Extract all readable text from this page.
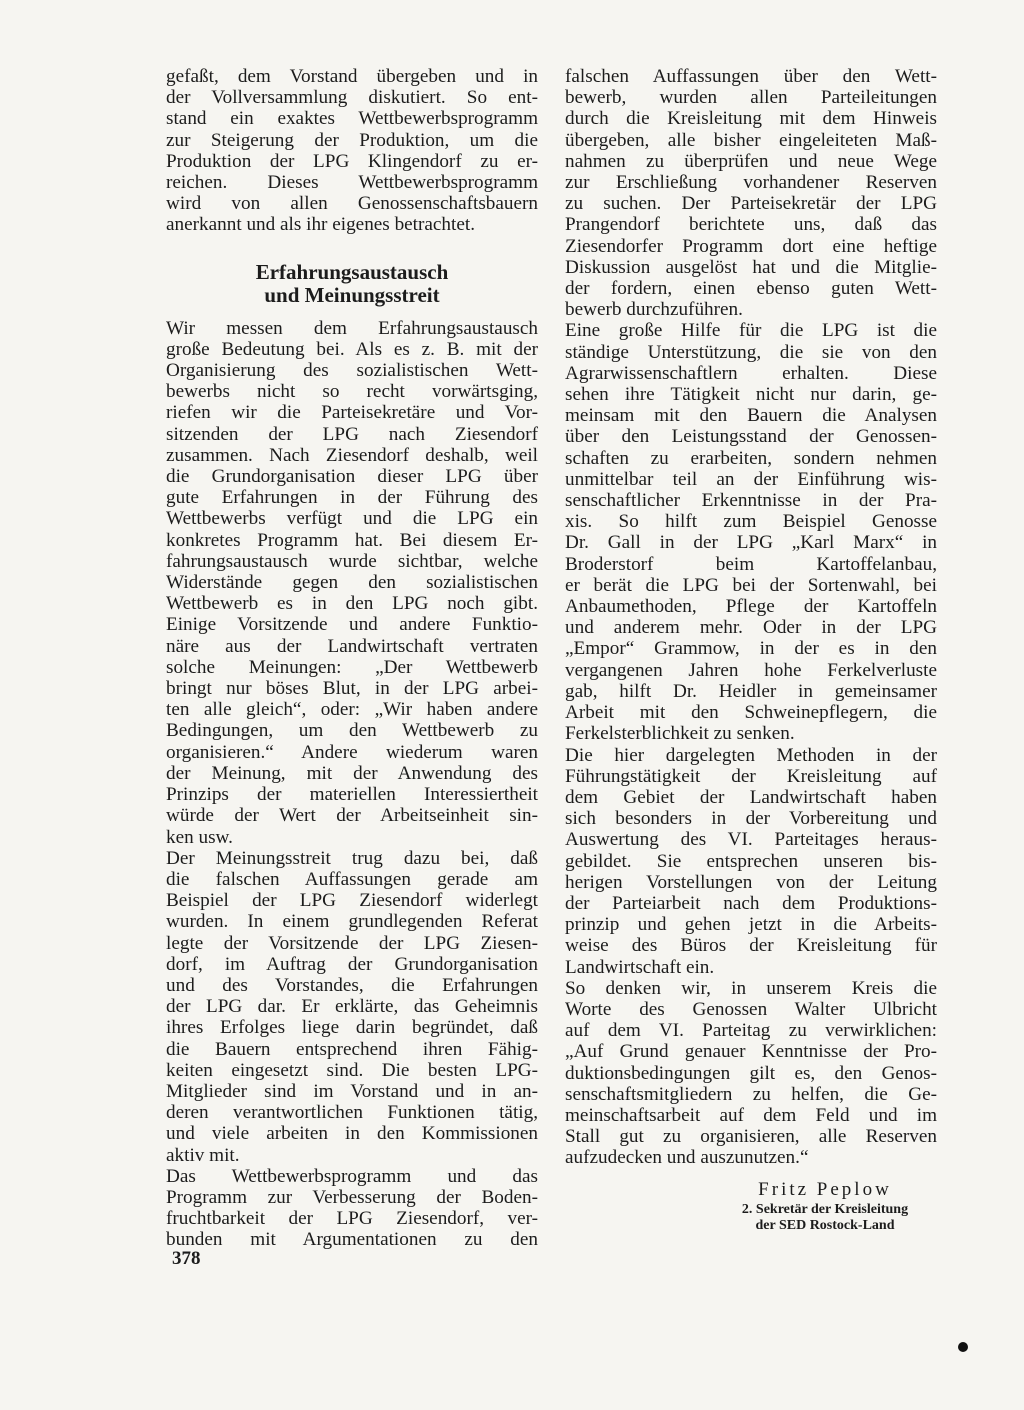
gefaßt, dem Vorstand übergeben und in
der Vollversammlung diskutiert. So ent-
stand ein exaktes Wettbewerbsprogramm
zur Steigerung der Produktion, um die
Produktion der LPG Klingendorf zu er-
reichen. Dieses Wettbewerbsprogramm
wird von allen Genossenschaftsbauern
anerkannt und als ihr eigenes betrachtet.

Erfahrungsaustausch
und Meinungsstreit

Wir messen dem Erfahrungsaustausch
große Bedeutung bei. Als es z. B. mit der
Organisierung des sozialistischen Wett-
bewerbs nicht so recht vorwärtsging,
riefen wir die Parteisekretäre und Vor-
sitzenden der LPG nach Ziesendorf
zusammen. Nach Ziesendorf deshalb, weil
die Grundorganisation dieser LPG über
gute Erfahrungen in der Führung des
Wettbewerbs verfügt und die LPG ein
konkretes Programm hat. Bei diesem Er-
fahrungsaustausch wurde sichtbar, welche
Widerstände gegen den sozialistischen
Wettbewerb es in den LPG noch gibt.
Einige Vorsitzende und andere Funktio-
näre aus der Landwirtschaft vertraten
solche Meinungen: „Der Wettbewerb
bringt nur böses Blut, in der LPG arbei-
ten alle gleich“, oder: „Wir haben andere
Bedingungen, um den Wettbewerb zu
organisieren.“ Andere wiederum waren
der Meinung, mit der Anwendung des
Prinzips der materiellen Interessiertheit
würde der Wert der Arbeitseinheit sin-
ken usw.

Der Meinungsstreit trug dazu bei, daß
die falschen Auffassungen gerade am
Beispiel der LPG Ziesendorf widerlegt
wurden. In einem grundlegenden Referat
legte der Vorsitzende der LPG Ziesen-
dorf, im Auftrag der Grundorganisation
und des Vorstandes, die Erfahrungen
der LPG dar. Er erklärte, das Geheimnis
ihres Erfolges liege darin begründet, daß
die Bauern entsprechend ihren Fähig-
keiten eingesetzt sind. Die besten LPG-
Mitglieder sind im Vorstand und in an-
deren verantwortlichen Funktionen tätig,
und viele arbeiten in den Kommissionen
aktiv mit.

Das Wettbewerbsprogramm und das
Programm zur Verbesserung der Boden-
fruchtbarkeit der LPG Ziesendorf, ver-
bunden mit Argumentationen zu den

falschen Auffassungen über den Wett-
bewerb, wurden allen Parteileitungen
durch die Kreisleitung mit dem Hinweis
übergeben, alle bisher eingeleiteten Maß-
nahmen zu überprüfen und neue Wege
zur Erschließung vorhandener Reserven
zu suchen. Der Parteisekretär der LPG
Prangendorf berichtete uns, daß das
Ziesendorfer Programm dort eine heftige
Diskussion ausgelöst hat und die Mitglie-
der fordern, einen ebenso guten Wett-
bewerb durchzuführen.

Eine große Hilfe für die LPG ist die
ständige Unterstützung, die sie von den
Agrarwissenschaftlern erhalten. Diese
sehen ihre Tätigkeit nicht nur darin, ge-
meinsam mit den Bauern die Analysen
über den Leistungsstand der Genossen-
schaften zu erarbeiten, sondern nehmen
unmittelbar teil an der Einführung wis-
senschaftlicher Erkenntnisse in der Pra-
xis. So hilft zum Beispiel Genosse
Dr. Gall in der LPG „Karl Marx“ in
Broderstorf beim Kartoffelanbau,
er berät die LPG bei der Sortenwahl, bei
Anbaumethoden, Pflege der Kartoffeln
und anderem mehr. Oder in der LPG
„Empor“ Grammow, in der es in den
vergangenen Jahren hohe Ferkelverluste
gab, hilft Dr. Heidler in gemeinsamer
Arbeit mit den Schweinepflegern, die
Ferkelsterblichkeit zu senken.

Die hier dargelegten Methoden in der
Führungstätigkeit der Kreisleitung auf
dem Gebiet der Landwirtschaft haben
sich besonders in der Vorbereitung und
Auswertung des VI. Parteitages heraus-
gebildet. Sie entsprechen unseren bis-
herigen Vorstellungen von der Leitung
der Parteiarbeit nach dem Produktions-
prinzip und gehen jetzt in die Arbeits-
weise des Büros der Kreisleitung für
Landwirtschaft ein.

So denken wir, in unserem Kreis die
Worte des Genossen Walter Ulbricht
auf dem VI. Parteitag zu verwirklichen:
„Auf Grund genauer Kenntnisse der Pro-
duktionsbedingungen gilt es, den Genos-
senschaftsmitgliedern zu helfen, die Ge-
meinschaftsarbeit auf dem Feld und im
Stall gut zu organisieren, alle Reserven
aufzudecken und auszunutzen.“

Fritz Peplow
2. Sekretär der Kreisleitung
der SED Rostock-Land
378
